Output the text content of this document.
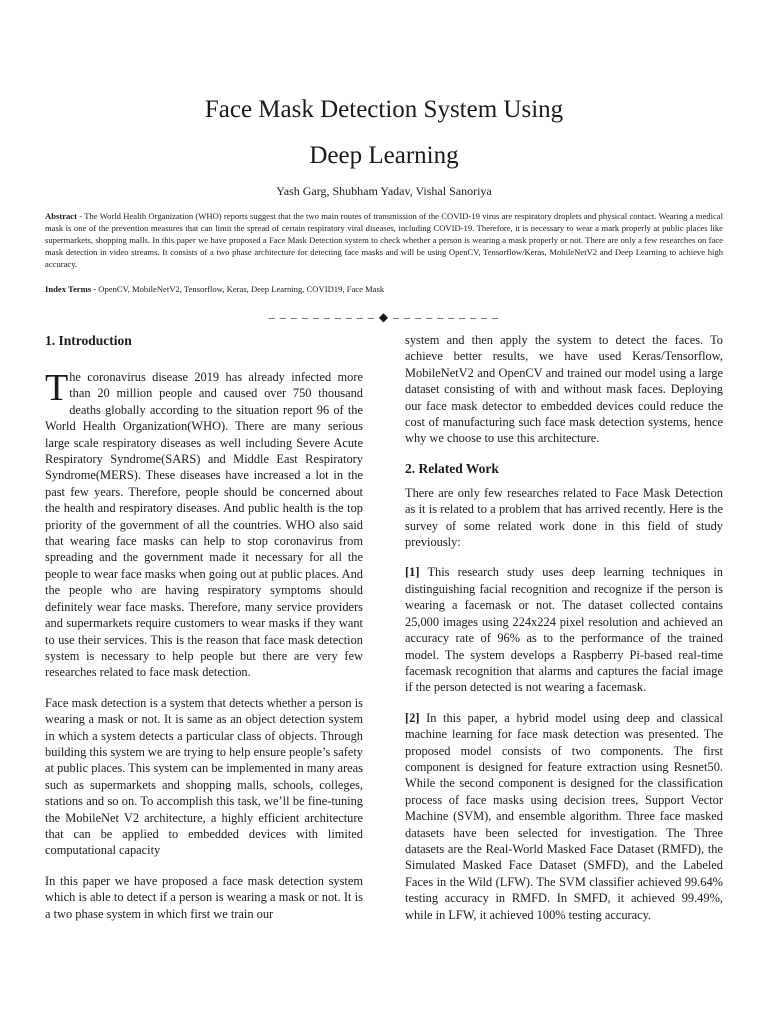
Face Mask Detection System Using
Deep Learning
Yash Garg, Shubham Yadav, Vishal Sanoriya

Abstract - The World Health Organization (WHO) reports suggest that the two main routes of transmission of the COVID-19 virus are respiratory droplets and physical contact. Wearing a medical mask is one of the prevention measures that can limit the spread of certain respiratory viral diseases, including COVID-19. Therefore, it is necessary to wear a mark properly at public places like supermarkets, shopping malls. In this paper we have proposed a Face Mask Detection system to check whether a person is wearing a mask properly or not. There are only a few researches on face mask detection in video streams. It consists of a two phase architecture for detecting face masks and will be using OpenCV, Tensorflow/Keras, MobileNetV2 and Deep Learning to achieve high accuracy.

Index Terms - OpenCV, MobileNetV2, Tensorflow, Keras, Deep Learning, COVID19, Face Mask

‒ ‒ ‒ ‒ ‒ ‒ ‒ ‒ ‒ ‒ ◆ ‒ ‒ ‒ ‒ ‒ ‒ ‒ ‒ ‒ ‒
1. Introduction

The coronavirus disease 2019 has already infected more than 20 million people and caused over 750 thousand deaths globally according to the situation report 96 of the World Health Organization(WHO). There are many serious large scale respiratory diseases as well including Severe Acute Respiratory Syndrome(SARS) and Middle East Respiratory Syndrome(MERS). These diseases have increased a lot in the past few years. Therefore, people should be concerned about the health and respiratory diseases. And public health is the top priority of the government of all the countries. WHO also said that wearing face masks can help to stop coronavirus from spreading and the government made it necessary for all the people to wear face masks when going out at public places. And the people who are having respiratory symptoms should definitely wear face masks. Therefore, many service providers and supermarkets require customers to wear masks if they want to use their services. This is the reason that face mask detection system is necessary to help people but there are very few researches related to face mask detection.

Face mask detection is a system that detects whether a person is wearing a mask or not. It is same as an object detection system in which a system detects a particular class of objects. Through building this system we are trying to help ensure people’s safety at public places. This system can be implemented in many areas such as supermarkets and shopping malls, schools, colleges, stations and so on. To accomplish this task, we’ll be fine-tuning the MobileNet V2 architecture, a highly efficient architecture that can be applied to embedded devices with limited computational capacity

In this paper we have proposed a face mask detection system which is able to detect if a person is wearing a mask or not. It is a two phase system in which first we train our

system and then apply the system to detect the faces. To achieve better results, we have used Keras/Tensorflow, MobileNetV2 and OpenCV and trained our model using a large dataset consisting of with and without mask faces. Deploying our face mask detector to embedded devices could reduce the cost of manufacturing such face mask detection systems, hence why we choose to use this architecture.

2. Related Work

There are only few researches related to Face Mask Detection as it is related to a problem that has arrived recently. Here is the survey of some related work done in this field of study previously:

[1] This research study uses deep learning techniques in distinguishing facial recognition and recognize if the person is wearing a facemask or not. The dataset collected contains 25,000 images using 224x224 pixel resolution and achieved an accuracy rate of 96% as to the performance of the trained model. The system develops a Raspberry Pi-based real-time facemask recognition that alarms and captures the facial image if the person detected is not wearing a facemask.

[2] In this paper, a hybrid model using deep and classical machine learning for face mask detection was presented. The proposed model consists of two components. The first component is designed for feature extraction using Resnet50. While the second component is designed for the classification process of face masks using decision trees, Support Vector Machine (SVM), and ensemble algorithm. Three face masked datasets have been selected for investigation. The Three datasets are the Real-World Masked Face Dataset (RMFD), the Simulated Masked Face Dataset (SMFD), and the Labeled Faces in the Wild (LFW). The SVM classifier achieved 99.64% testing accuracy in RMFD. In SMFD, it achieved 99.49%, while in LFW, it achieved 100% testing accuracy.
